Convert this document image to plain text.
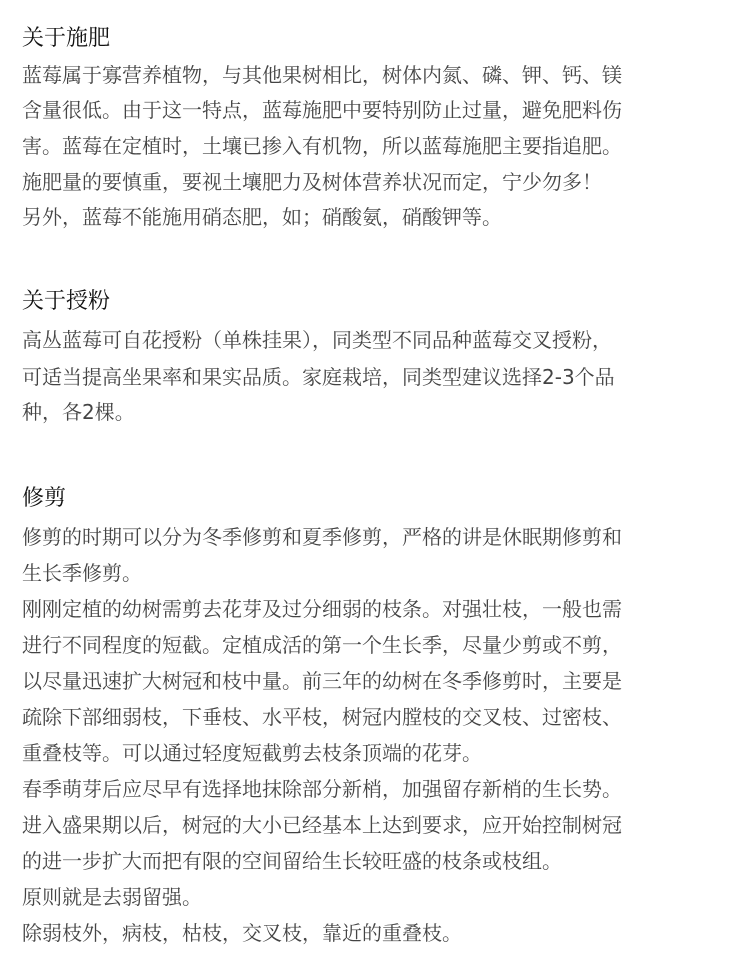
关于施肥

蓝莓属于寡营养植物，与其他果树相比，树体内氮、磷、钾、钙、镁

含量很低。由于这一特点，蓝莓施肥中要特别防止过量，避免肥料伤

害。蓝莓在定植时，土壤已掺入有机物，所以蓝莓施肥主要指追肥。

施肥量的要慎重，要视土壤肥力及树体营养状况而定，宁少勿多！

另外，蓝莓不能施用硝态肥，如；硝酸氨，硝酸钾等。

关于授粉

高丛蓝莓可自花授粉（单株挂果），同类型不同品种蓝莓交叉授粉，

可适当提高坐果率和果实品质。家庭栽培，同类型建议选择2-3个品

种，各2棵。

修剪

修剪的时期可以分为冬季修剪和夏季修剪，严格的讲是休眠期修剪和

生长季修剪。

刚刚定植的幼树需剪去花芽及过分细弱的枝条。对强壮枝，一般也需

进行不同程度的短截。定植成活的第一个生长季，尽量少剪或不剪，

以尽量迅速扩大树冠和枝中量。前三年的幼树在冬季修剪时，主要是

疏除下部细弱枝，下垂枝、水平枝，树冠内膛枝的交叉枝、过密枝、

重叠枝等。可以通过轻度短截剪去枝条顶端的花芽。

春季萌芽后应尽早有选择地抹除部分新梢，加强留存新梢的生长势。

进入盛果期以后，树冠的大小已经基本上达到要求，应开始控制树冠

的进一步扩大而把有限的空间留给生长较旺盛的枝条或枝组。

原则就是去弱留强。

除弱枝外，病枝，枯枝，交叉枝，靠近的重叠枝。
